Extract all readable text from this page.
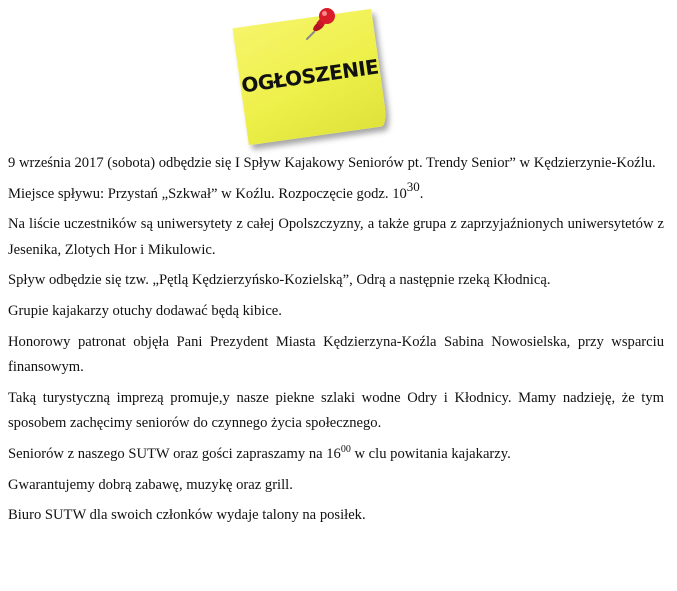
OGŁOSZENIE

9 września 2017 (sobota) odbędzie się I Spływ Kajakowy Seniorów pt. Trendy Senior” w Kędzierzynie-Koźlu.

Miejsce spływu: Przystań „Szkwał” w Koźlu. Rozpoczęcie godz. $10^{30}$.

Na liście uczestników są uniwersytety z całej Opolszczyzny, a także grupa z zaprzyjaźnionych uniwersytetów z Jesenika, Zlotych Hor i Mikulowic.

Spływ odbędzie się tzw. „Pętlą Kędzierzyńsko-Kozielską”, Odrą a następnie rzeką Kłodnicą.

Grupie kajakarzy otuchy dodawać będą kibice.

Honorowy patronat objęła Pani Prezydent Miasta Kędzierzyna-Koźla Sabina Nowosielska, przy wsparciu finansowym.

Taką turystyczną imprezą promuje,y nasze piekne szlaki wodne Odry i Kłodnicy. Mamy nadzieję, że tym sposobem zachęcimy seniorów do czynnego życia społecznego.

Seniorów z naszego SUTW oraz gości zapraszamy na $16^{00}$ w clu powitania kajakarzy.

Gwarantujemy dobrą zabawę, muzykę oraz grill.

Biuro SUTW dla swoich członków wydaje talony na posiłek.
